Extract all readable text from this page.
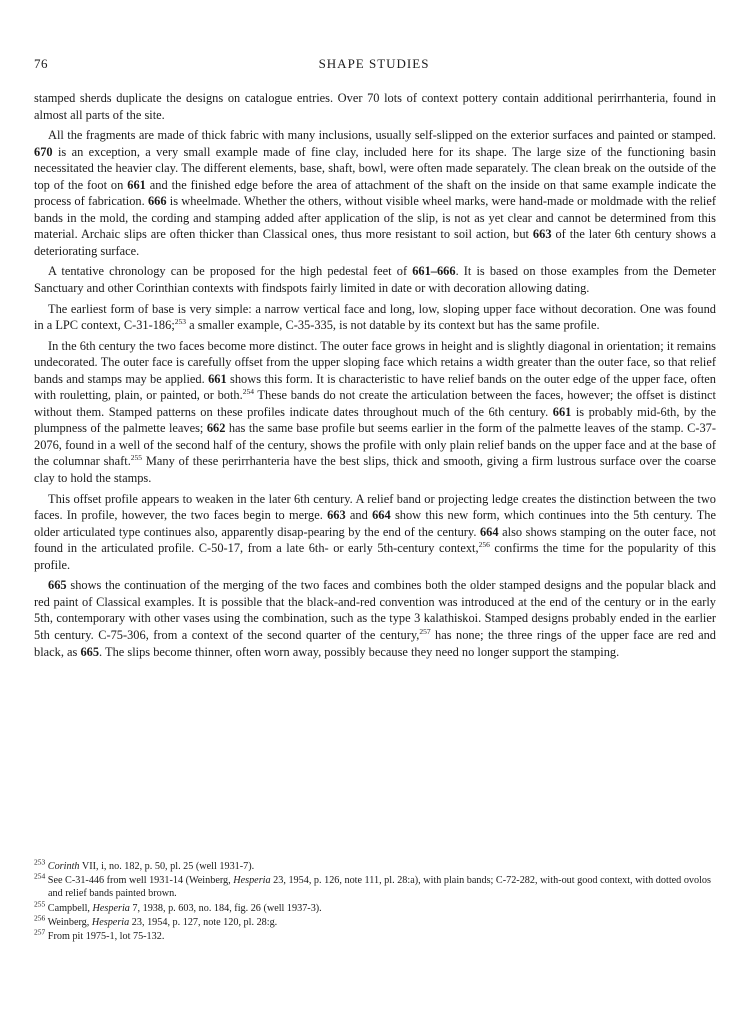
76	SHAPE STUDIES

stamped sherds duplicate the designs on catalogue entries. Over 70 lots of context pottery contain additional perirrhanteria, found in almost all parts of the site.

All the fragments are made of thick fabric with many inclusions, usually self-slipped on the exterior surfaces and painted or stamped. 670 is an exception, a very small example made of fine clay, included here for its shape. The large size of the functioning basin necessitated the heavier clay. The different elements, base, shaft, bowl, were often made separately. The clean break on the outside of the top of the foot on 661 and the finished edge before the area of attachment of the shaft on the inside on that same example indicate the process of fabrication. 666 is wheelmade. Whether the others, without visible wheel marks, were hand-made or moldmade with the relief bands in the mold, the cording and stamping added after application of the slip, is not as yet clear and cannot be determined from this material. Archaic slips are often thicker than Classical ones, thus more resistant to soil action, but 663 of the later 6th century shows a deteriorating surface.

A tentative chronology can be proposed for the high pedestal feet of 661–666. It is based on those examples from the Demeter Sanctuary and other Corinthian contexts with findspots fairly limited in date or with decoration allowing dating.

The earliest form of base is very simple: a narrow vertical face and long, low, sloping upper face without decoration. One was found in a LPC context, C-31-186;$^{253}$ a smaller example, C-35-335, is not datable by its context but has the same profile.

In the 6th century the two faces become more distinct. The outer face grows in height and is slightly diagonal in orientation; it remains undecorated. The outer face is carefully offset from the upper sloping face which retains a width greater than the outer face, so that relief bands and stamps may be applied. 661 shows this form. It is characteristic to have relief bands on the outer edge of the upper face, often with rouletting, plain, or painted, or both.$^{254}$ These bands do not create the articulation between the faces, however; the offset is distinct without them. Stamped patterns on these profiles indicate dates throughout much of the 6th century. 661 is probably mid-6th, by the plumpness of the palmette leaves; 662 has the same base profile but seems earlier in the form of the palmette leaves of the stamp. C-37-2076, found in a well of the second half of the century, shows the profile with only plain relief bands on the upper face and at the base of the columnar shaft.$^{255}$ Many of these perirrhanteria have the best slips, thick and smooth, giving a firm lustrous surface over the coarse clay to hold the stamps.

This offset profile appears to weaken in the later 6th century. A relief band or projecting ledge creates the distinction between the two faces. In profile, however, the two faces begin to merge. 663 and 664 show this new form, which continues into the 5th century. The older articulated type continues also, apparently disap-pearing by the end of the century. 664 also shows stamping on the outer face, not found in the articulated profile. C-50-17, from a late 6th- or early 5th-century context,$^{256}$ confirms the time for the popularity of this profile.

665 shows the continuation of the merging of the two faces and combines both the older stamped designs and the popular black and red paint of Classical examples. It is possible that the black-and-red convention was introduced at the end of the century or in the early 5th, contemporary with other vases using the combination, such as the type 3 kalathiskoi. Stamped designs probably ended in the earlier 5th century. C-75-306, from a context of the second quarter of the century,$^{257}$ has none; the three rings of the upper face are red and black, as 665. The slips become thinner, often worn away, possibly because they need no longer support the stamping.

$^{253}$ Corinth VII, i, no. 182, p. 50, pl. 25 (well 1931-7).
$^{254}$ See C-31-446 from well 1931-14 (Weinberg, Hesperia 23, 1954, p. 126, note 111, pl. 28:a), with plain bands; C-72-282, with-out good context, with dotted ovolos and relief bands painted brown.
$^{255}$ Campbell, Hesperia 7, 1938, p. 603, no. 184, fig. 26 (well 1937-3).
$^{256}$ Weinberg, Hesperia 23, 1954, p. 127, note 120, pl. 28:g.
$^{257}$ From pit 1975-1, lot 75-132.
